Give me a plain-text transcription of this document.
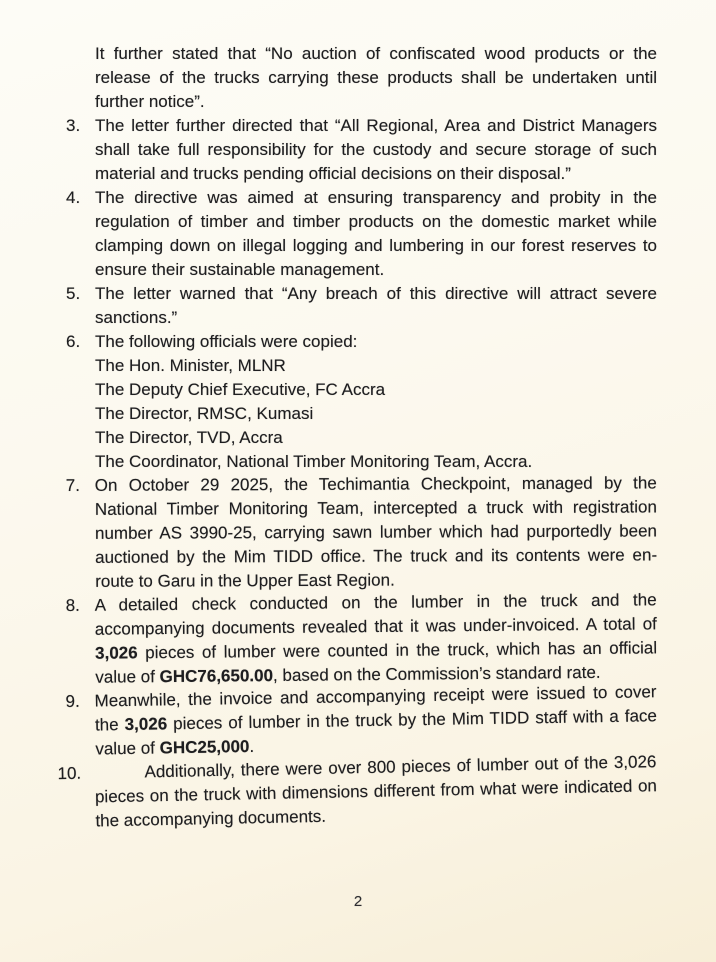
It further stated that “No auction of confiscated wood products or the release of the trucks carrying these products shall be undertaken until further notice”.
3. The letter further directed that “All Regional, Area and District Managers shall take full responsibility for the custody and secure storage of such material and trucks pending official decisions on their disposal.”
4. The directive was aimed at ensuring transparency and probity in the regulation of timber and timber products on the domestic market while clamping down on illegal logging and lumbering in our forest reserves to ensure their sustainable management.
5. The letter warned that “Any breach of this directive will attract severe sanctions.”
6. The following officials were copied:
The Hon. Minister, MLNR
The Deputy Chief Executive, FC Accra
The Director, RMSC, Kumasi
The Director, TVD, Accra
The Coordinator, National Timber Monitoring Team, Accra.
7. On October 29 2025, the Techimantia Checkpoint, managed by the National Timber Monitoring Team, intercepted a truck with registration number AS 3990-25, carrying sawn lumber which had purportedly been auctioned by the Mim TIDD office. The truck and its contents were en-route to Garu in the Upper East Region.
8. A detailed check conducted on the lumber in the truck and the accompanying documents revealed that it was under-invoiced. A total of 3,026 pieces of lumber were counted in the truck, which has an official value of GHC76,650.00, based on the Commission’s standard rate.
9. Meanwhile, the invoice and accompanying receipt were issued to cover the 3,026 pieces of lumber in the truck by the Mim TIDD staff with a face value of GHC25,000.
10.	Additionally, there were over 800 pieces of lumber out of the 3,026 pieces on the truck with dimensions different from what were indicated on the accompanying documents.
2
